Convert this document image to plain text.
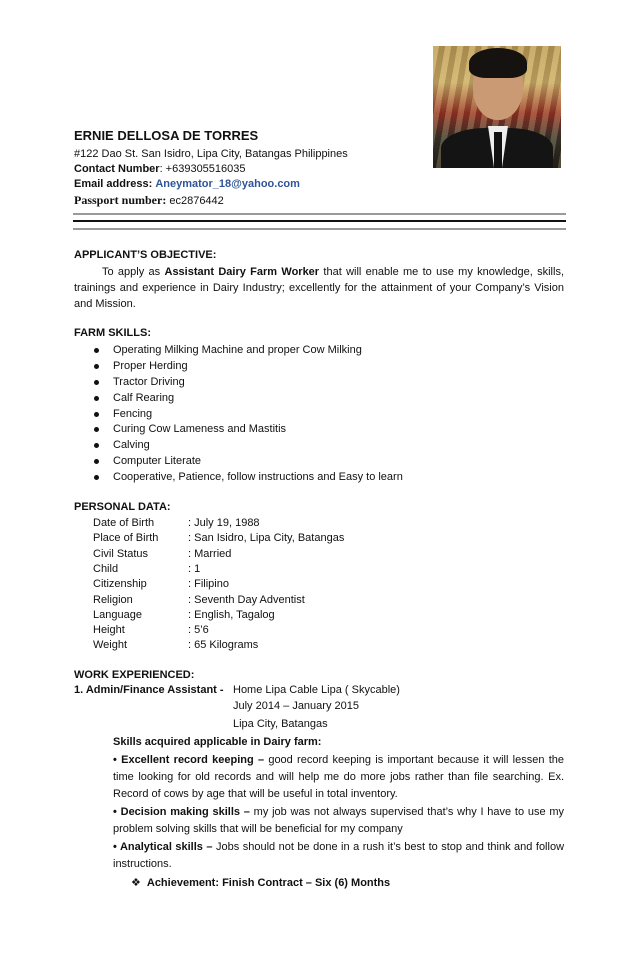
ERNIE DELLOSA DE TORRES
#122 Dao St. San Isidro, Lipa City, Batangas Philippines
Contact Number: +639305516035
Email address: Aneymator_18@yahoo.com
Passport number: ec2876442
APPLICANT’S OBJECTIVE:
To apply as Assistant Dairy Farm Worker that will enable me to use my knowledge, skills, trainings and experience in Dairy Industry; excellently for the attainment of your Company’s Vision and Mission.
FARM SKILLS:
Operating Milking Machine and proper Cow Milking
Proper Herding
Tractor Driving
Calf Rearing
Fencing
Curing Cow Lameness and Mastitis
Calving
Computer Literate
Cooperative, Patience, follow instructions and Easy to learn
PERSONAL DATA:
Date of Birth	: July 19, 1988
Place of Birth	: San Isidro, Lipa City, Batangas
Civil Status	: Married
Child	: 1
Citizenship	: Filipino
Religion	: Seventh Day Adventist
Language	: English, Tagalog
Height	: 5’6
Weight	: 65 Kilograms
WORK EXPERIENCED:
1. Admin/Finance Assistant - Home Lipa Cable Lipa ( Skycable)
July 2014 – January 2015
Lipa City, Batangas
Skills acquired applicable in Dairy farm:
• Excellent record keeping – good record keeping is important because it will lessen the time looking for old records and will help me do more jobs rather than file searching. Ex. Record of cows by age that will be useful in total inventory.
• Decision making skills – my job was not always supervised that’s why I have to use my problem solving skills that will be beneficial for my company
• Analytical skills – Jobs should not be done in a rush it’s best to stop and think and follow instructions.
❖ Achievement: Finish Contract – Six (6) Months
